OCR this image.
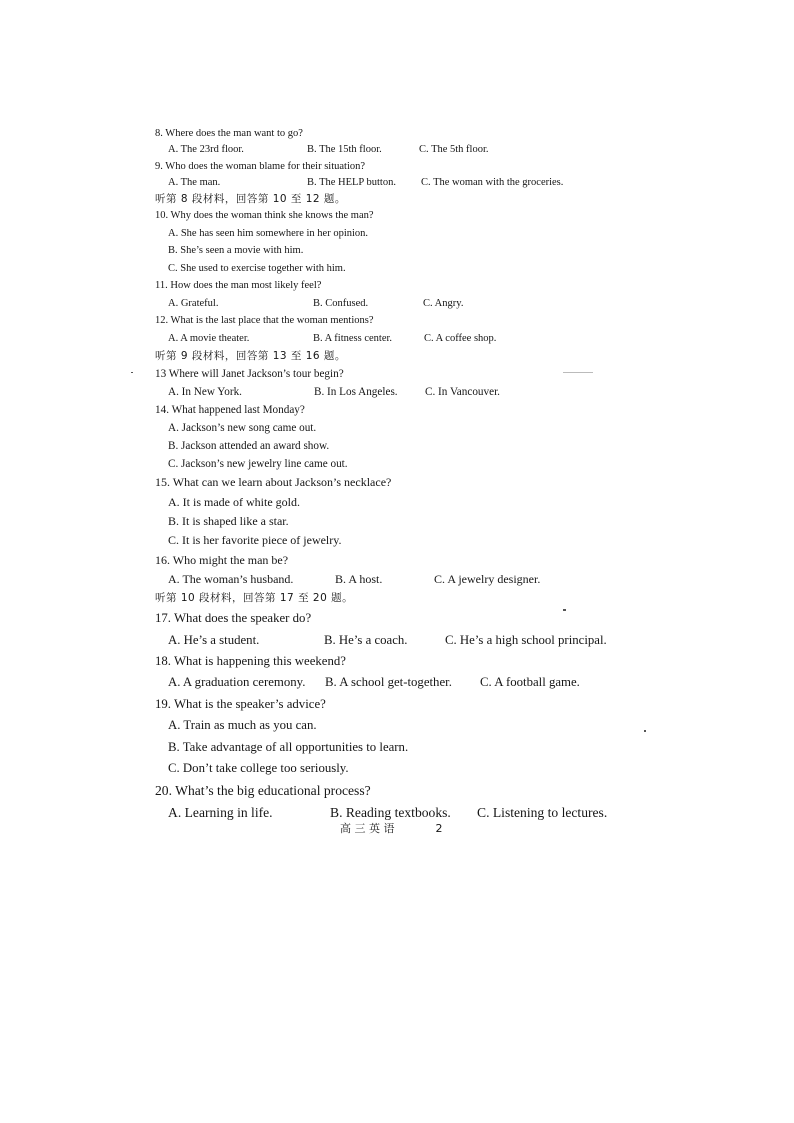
8. Where does the man want to go?
A. The 23rd floor.	B. The 15th floor.	C. The 5th floor.
9. Who does the woman blame for their situation?
A. The man.	B. The HELP button.	C. The woman with the groceries.
听第 8 段材料，回答第 10 至 12 题。
10. Why does the woman think she knows the man?
A. She has seen him somewhere in her opinion.
B. She’s seen a movie with him.
C. She used to exercise together with him.
11. How does the man most likely feel?
A. Grateful.	B. Confused.	C. Angry.
12. What is the last place that the woman mentions?
A. A movie theater.	B. A fitness center.	C. A coffee shop.
听第 9 段材料，回答第 13 至 16 题。
13 Where will Janet Jackson’s tour begin?
A. In New York.	B. In Los Angeles.	C. In Vancouver.
14. What happened last Monday?
A. Jackson’s new song came out.
B. Jackson attended an award show.
C. Jackson’s new jewelry line came out.
15. What can we learn about Jackson’s necklace?
A. It is made of white gold.
B. It is shaped like a star.
C. It is her favorite piece of jewelry.
16. Who might the man be?
A. The woman’s husband.	B. A host.	C. A jewelry designer.
听第 10 段材料，回答第 17 至 20 题。
17. What does the speaker do?
A. He’s a student.	B. He’s a coach.	C. He’s a high school principal.
18. What is happening this weekend?
A. A graduation ceremony.	B. A school get-together.	C. A football game.
19. What is the speaker’s advice?
A. Train as much as you can.
B. Take advantage of all opportunities to learn.
C. Don’t take college too seriously.
20. What’s the big educational process?
A. Learning in life.	B. Reading textbooks.	C. Listening to lectures.
高 三 英 语	2
